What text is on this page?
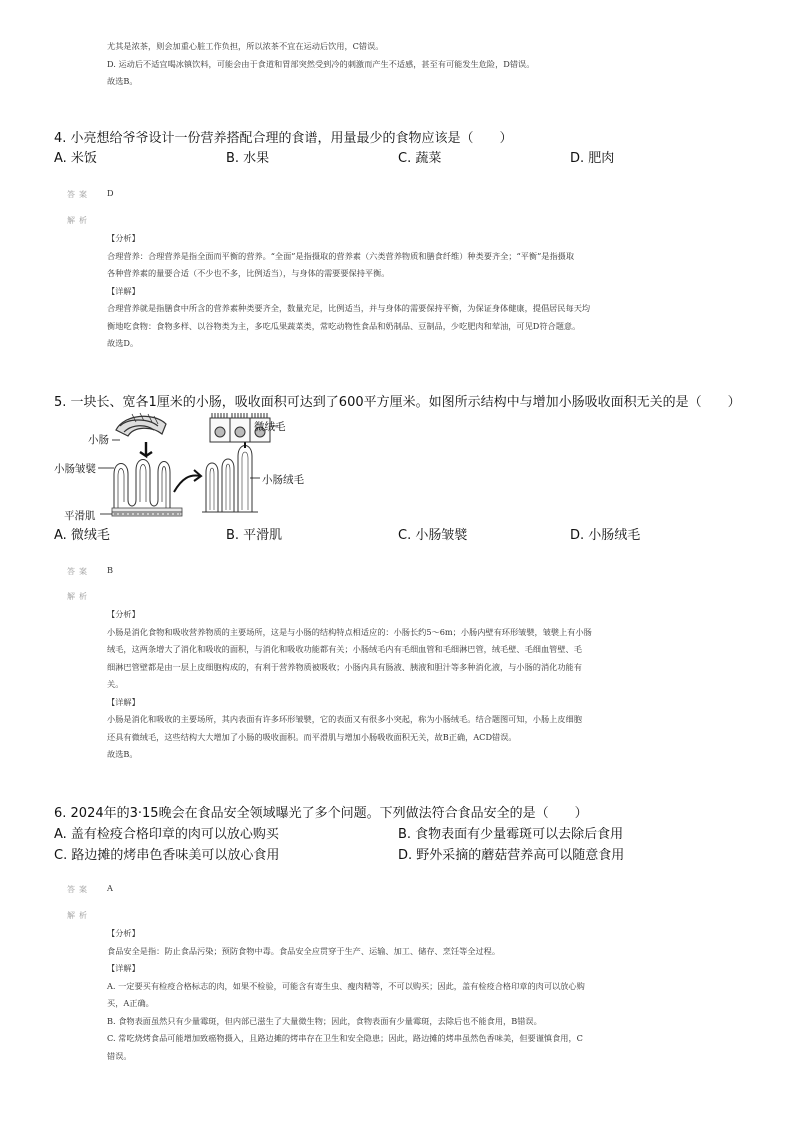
尤其是浓茶，则会加重心脏工作负担，所以浓茶不宜在运动后饮用，C错误。
D. 运动后不适宜喝冰镇饮料，可能会由于食道和胃部突然受到冷的刺激而产生不适感，甚至有可能发生危险，D错误。
故选B。
4. 小亮想给爷爷设计一份营养搭配合理的食谱，用量最少的食物应该是（　　）
A. 米饭	B. 水果	C. 蔬菜	D. 肥肉
答案 D
解析
【分析】
合理营养：合理营养是指全面而平衡的营养。“全面”是指摄取的营养素（六类营养物质和膳食纤维）种类要齐全；“平衡”是指摄取
各种营养素的量要合适（不少也不多，比例适当），与身体的需要要保持平衡。
【详解】
合理营养就是指膳食中所含的营养素种类要齐全，数量充足，比例适当，并与身体的需要保持平衡，为保证身体健康，提倡居民每天均
衡地吃食物：食物多样、以谷物类为主，多吃瓜果蔬菜类，常吃动物性食品和奶制品、豆制品，少吃肥肉和荤油，可见D符合题意。
故选D。
5. 一块长、宽各1厘米的小肠，吸收面积可达到了600平方厘米。如图所示结构中与增加小肠吸收面积无关的是（　　）
小肠
小肠皱襞
平滑肌
微绒毛
小肠绒毛
A. 微绒毛	B. 平滑肌	C. 小肠皱襞	D. 小肠绒毛
答案 B
解析
【分析】
小肠是消化食物和吸收营养物质的主要场所，这是与小肠的结构特点相适应的：小肠长约5～6m；小肠内壁有环形皱襞，皱襞上有小肠
绒毛，这两条增大了消化和吸收的面积，与消化和吸收功能都有关；小肠绒毛内有毛细血管和毛细淋巴管，绒毛壁、毛细血管壁、毛
细淋巴管壁都是由一层上皮细胞构成的，有利于营养物质被吸收；小肠内具有肠液、胰液和胆汁等多种消化液，与小肠的消化功能有
关。
【详解】
小肠是消化和吸收的主要场所，其内表面有许多环形皱襞，它的表面又有很多小突起，称为小肠绒毛。结合题图可知，小肠上皮细胞
还具有微绒毛，这些结构大大增加了小肠的吸收面积。而平滑肌与增加小肠吸收面积无关，故B正确，ACD错误。
故选B。
6. 2024年的3·15晚会在食品安全领域曝光了多个问题。下列做法符合食品安全的是（　　）
A. 盖有检疫合格印章的肉可以放心购买	B. 食物表面有少量霉斑可以去除后食用
C. 路边摊的烤串色香味美可以放心食用	D. 野外采摘的蘑菇营养高可以随意食用
答案 A
解析
【分析】
食品安全是指：防止食品污染；预防食物中毒。食品安全应贯穿于生产、运输、加工、储存、烹饪等全过程。
【详解】
A. 一定要买有检疫合格标志的肉，如果不检验，可能含有寄生虫、瘦肉精等，不可以购买；因此，盖有检疫合格印章的肉可以放心购
买，A正确。
B. 食物表面虽然只有少量霉斑，但内部已滋生了大量微生物；因此，食物表面有少量霉斑，去除后也不能食用，B错误。
C. 常吃烧烤食品可能增加致癌物摄入，且路边摊的烤串存在卫生和安全隐患；因此，路边摊的烤串虽然色香味美，但要谨慎食用，C
错误。
